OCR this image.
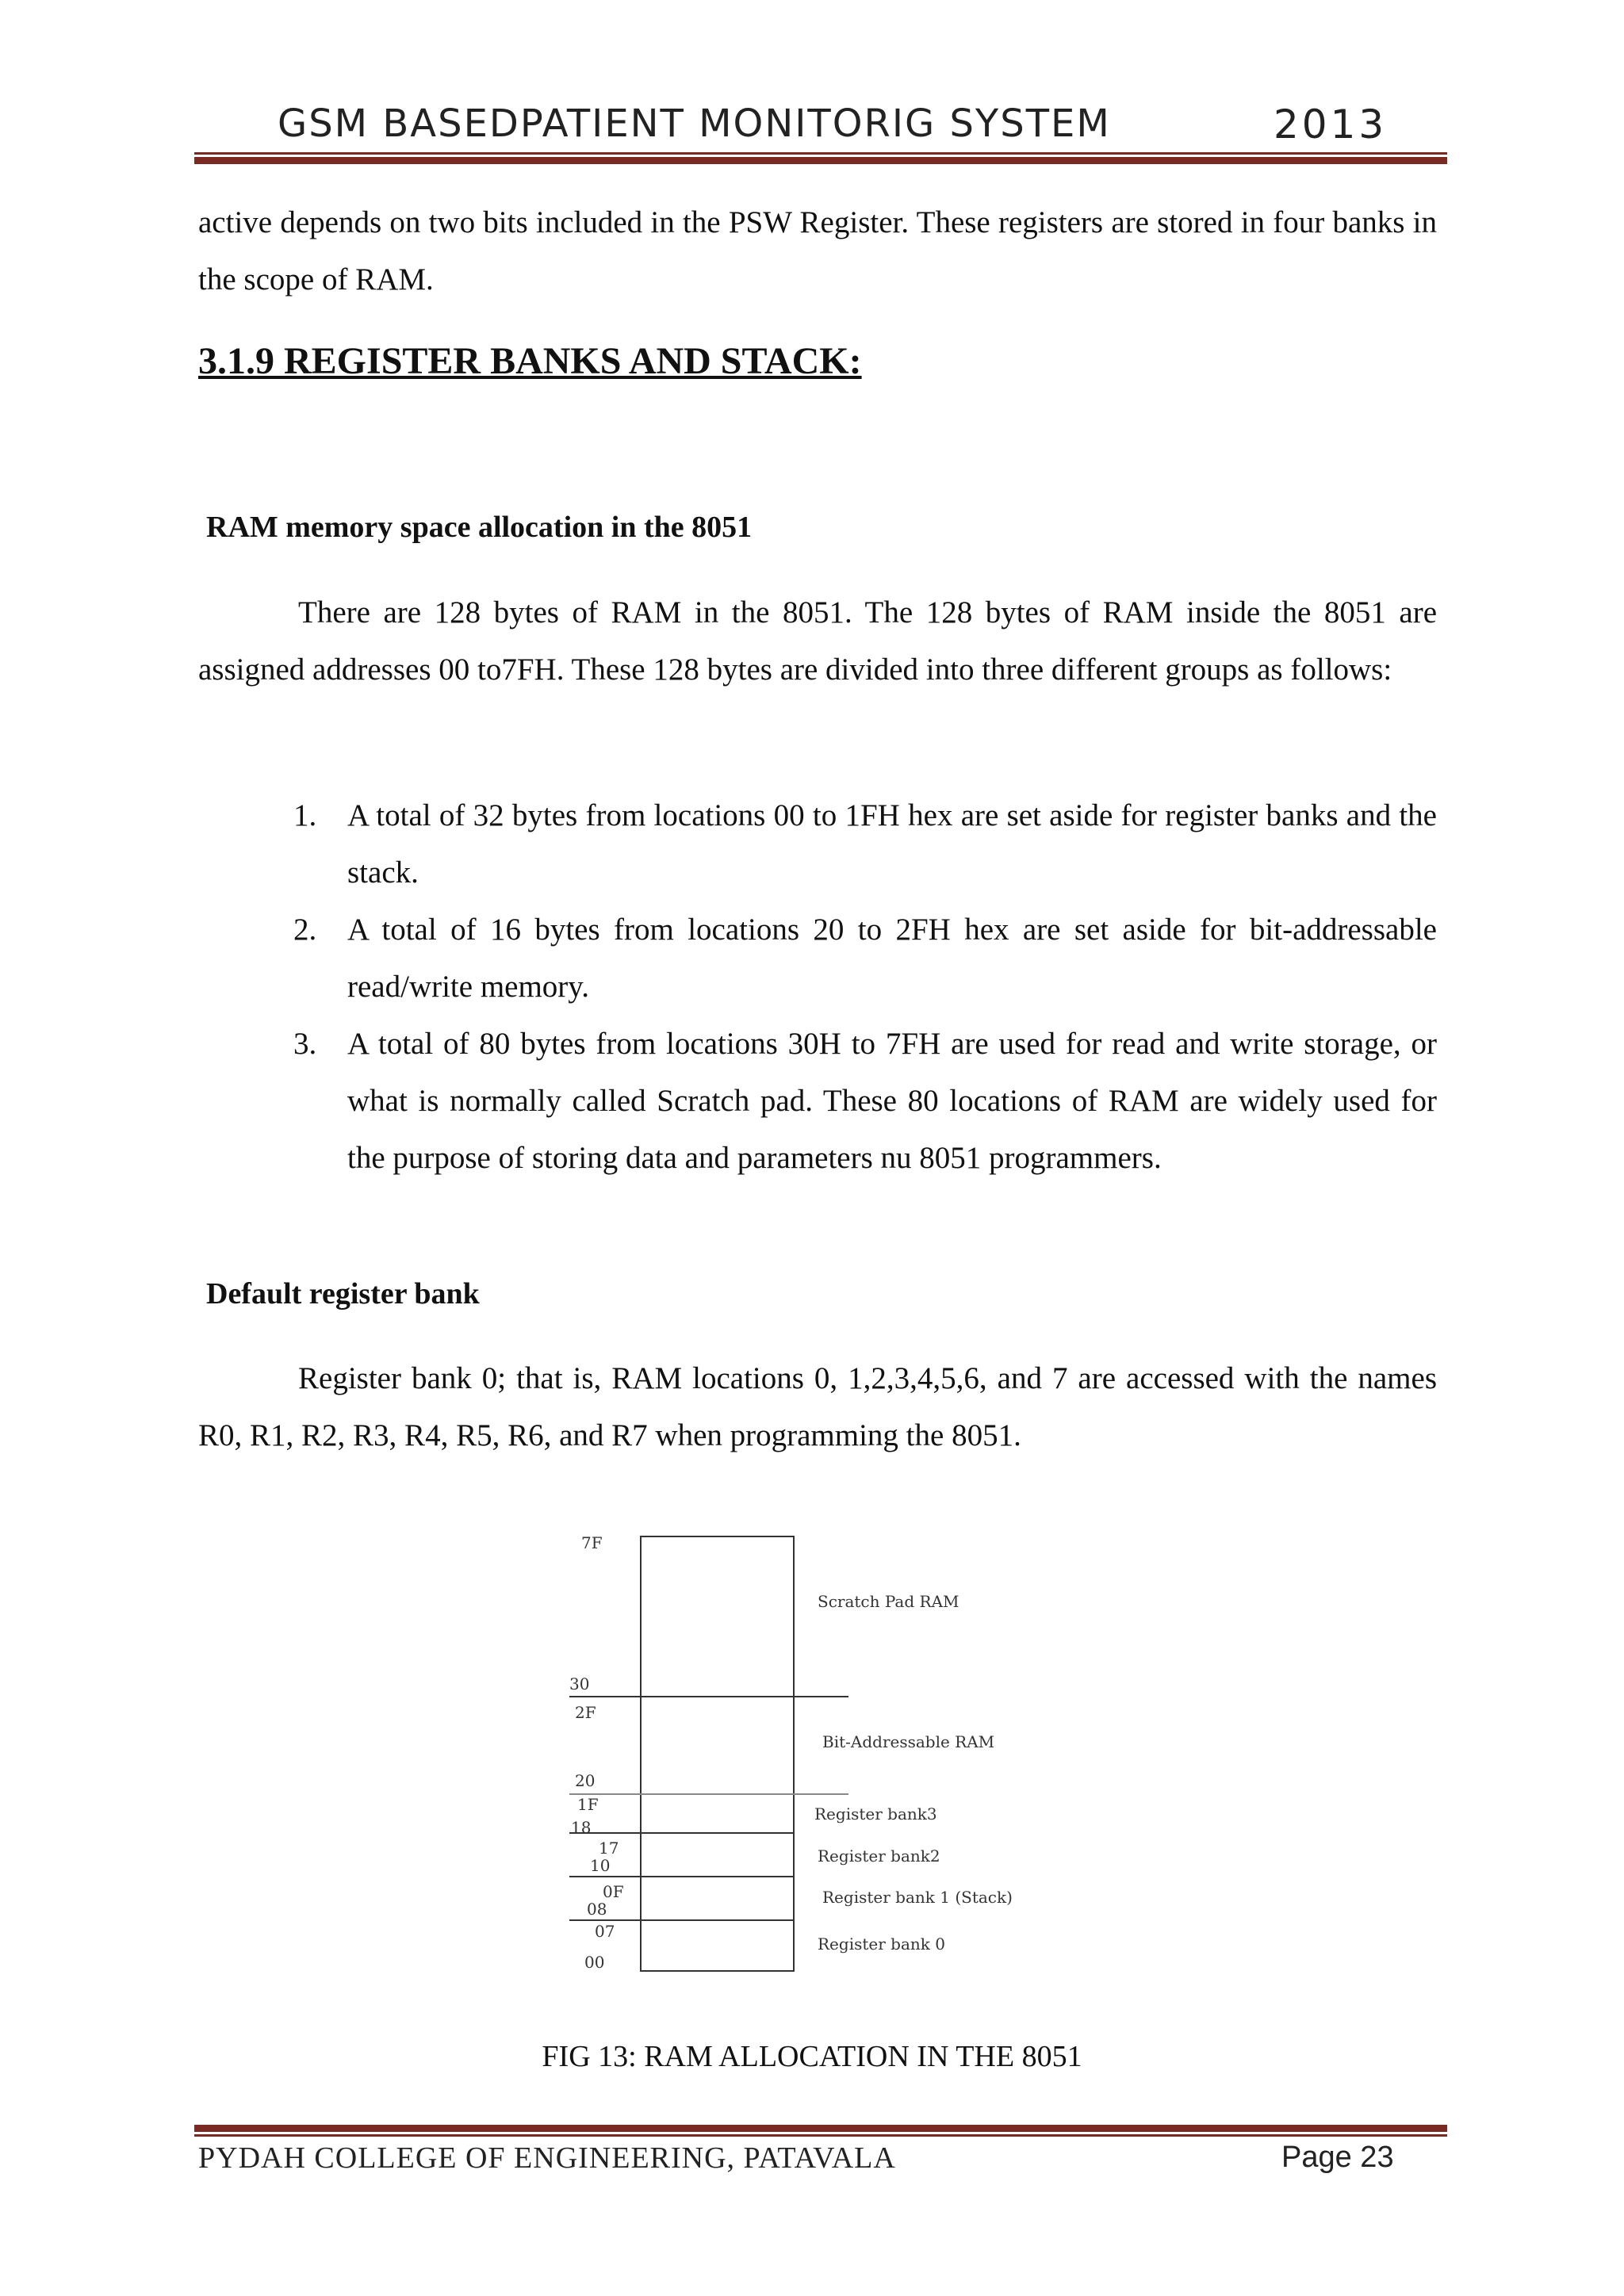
GSM BASEDPATIENT MONITORIG SYSTEM	2013
active depends on two bits included in the PSW Register. These registers are stored in four banks in the scope of RAM.
3.1.9 REGISTER BANKS AND STACK:
RAM memory space allocation in the 8051
There are 128 bytes of RAM in the 8051. The 128 bytes of RAM inside the 8051 are assigned addresses 00 to7FH. These 128 bytes are divided into three different groups as follows:
1. A total of 32 bytes from locations 00 to 1FH hex are set aside for register banks and the stack.
2. A total of 16 bytes from locations 20 to 2FH hex are set aside for bit-addressable read/write memory.
3. A total of 80 bytes from locations 30H to 7FH are used for read and write storage, or what is normally called Scratch pad. These 80 locations of RAM are widely used for the purpose of storing data and parameters nu 8051 programmers.
Default register bank
Register bank 0; that is, RAM locations 0, 1,2,3,4,5,6, and 7 are accessed with the names R0, R1, R2, R3, R4, R5, R6, and R7 when programming the 8051.
7F
30
2F
20
1F
18
17
10
0F
08
07
00
Scratch Pad RAM
Bit-Addressable RAM
Register bank3
Register bank2
Register bank 1 (Stack)
Register bank 0
FIG 13: RAM ALLOCATION IN THE 8051
PYDAH COLLEGE OF ENGINEERING, PATAVALA	Page 23
